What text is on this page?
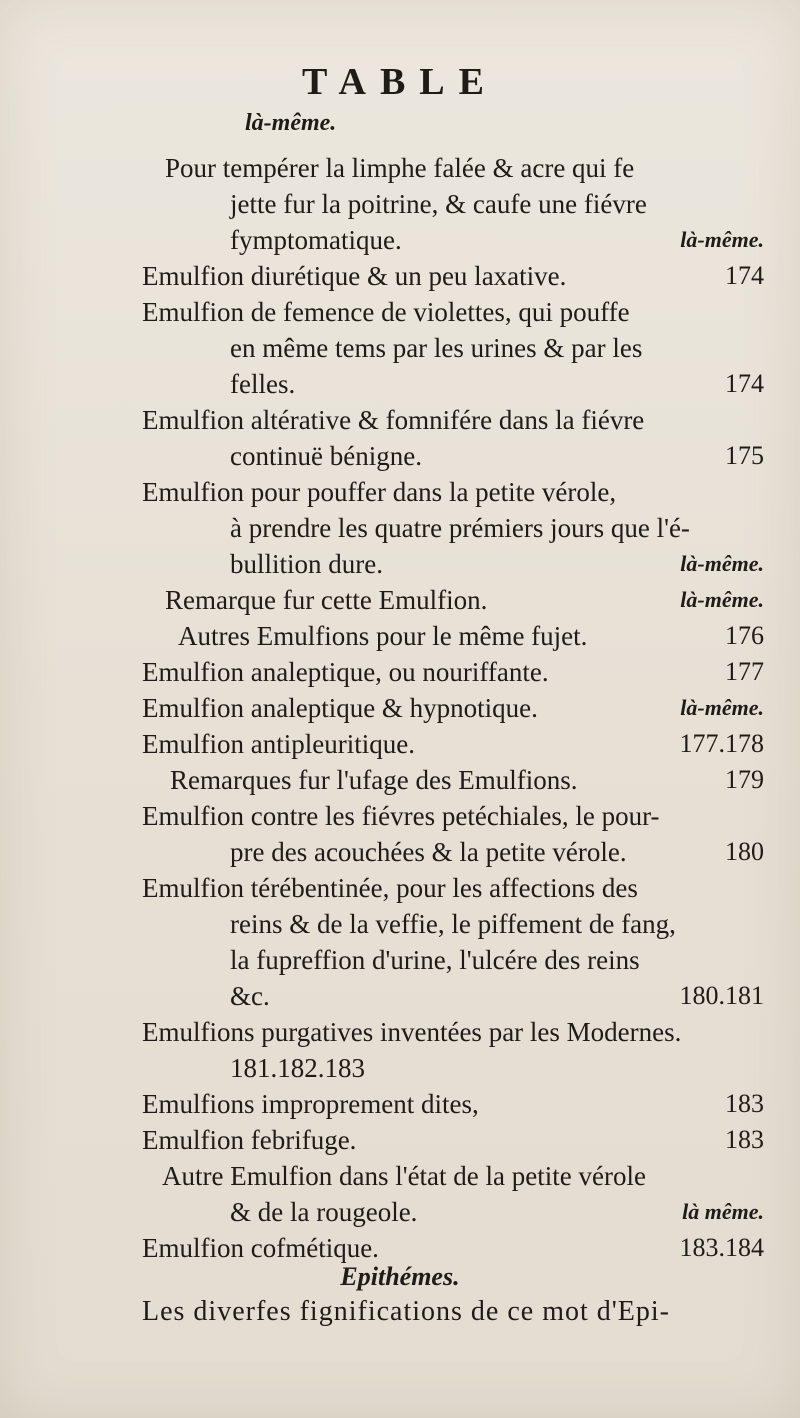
TABLE
là-même.
Pour tempérer la limphe falée & acre qui fe
jette fur la poitrine, & caufe une fiévre
fymptomatique.	là-même.
Emulfion diurétique & un peu laxative.	174
Emulfion de femence de violettes, qui pouffe
en même tems par les urines & par les
felles.	174
Emulfion altérative & fomnifére dans la fiévre
continuë bénigne.	175
Emulfion pour pouffer dans la petite vérole,
à prendre les quatre prémiers jours que l'é-
bullition dure.	là-même.
Remarque fur cette Emulfion.	là-même.
Autres Emulfions pour le même fujet.	176
Emulfion analeptique, ou nouriffante.	177
Emulfion analeptique & hypnotique.	là-même.
Emulfion antipleuritique.	177.178
Remarques fur l'ufage des Emulfions.	179
Emulfion contre les fiévres petéchiales, le pour-
pre des acouchées & la petite vérole.	180
Emulfion térébentinée, pour les affections des
reins & de la veffie, le piffement de fang,
la fupreffion d'urine, l'ulcére des reins
&c.	180.181
Emulfions purgatives inventées par les Modernes.
181.182.183
Emulfions improprement dites,	183
Emulfion febrifuge.	183
Autre Emulfion dans l'état de la petite vérole
& de la rougeole.	là même.
Emulfion cofmétique.	183.184
Epithémes.
Les diverfes fignifications de ce mot d'Epi-
